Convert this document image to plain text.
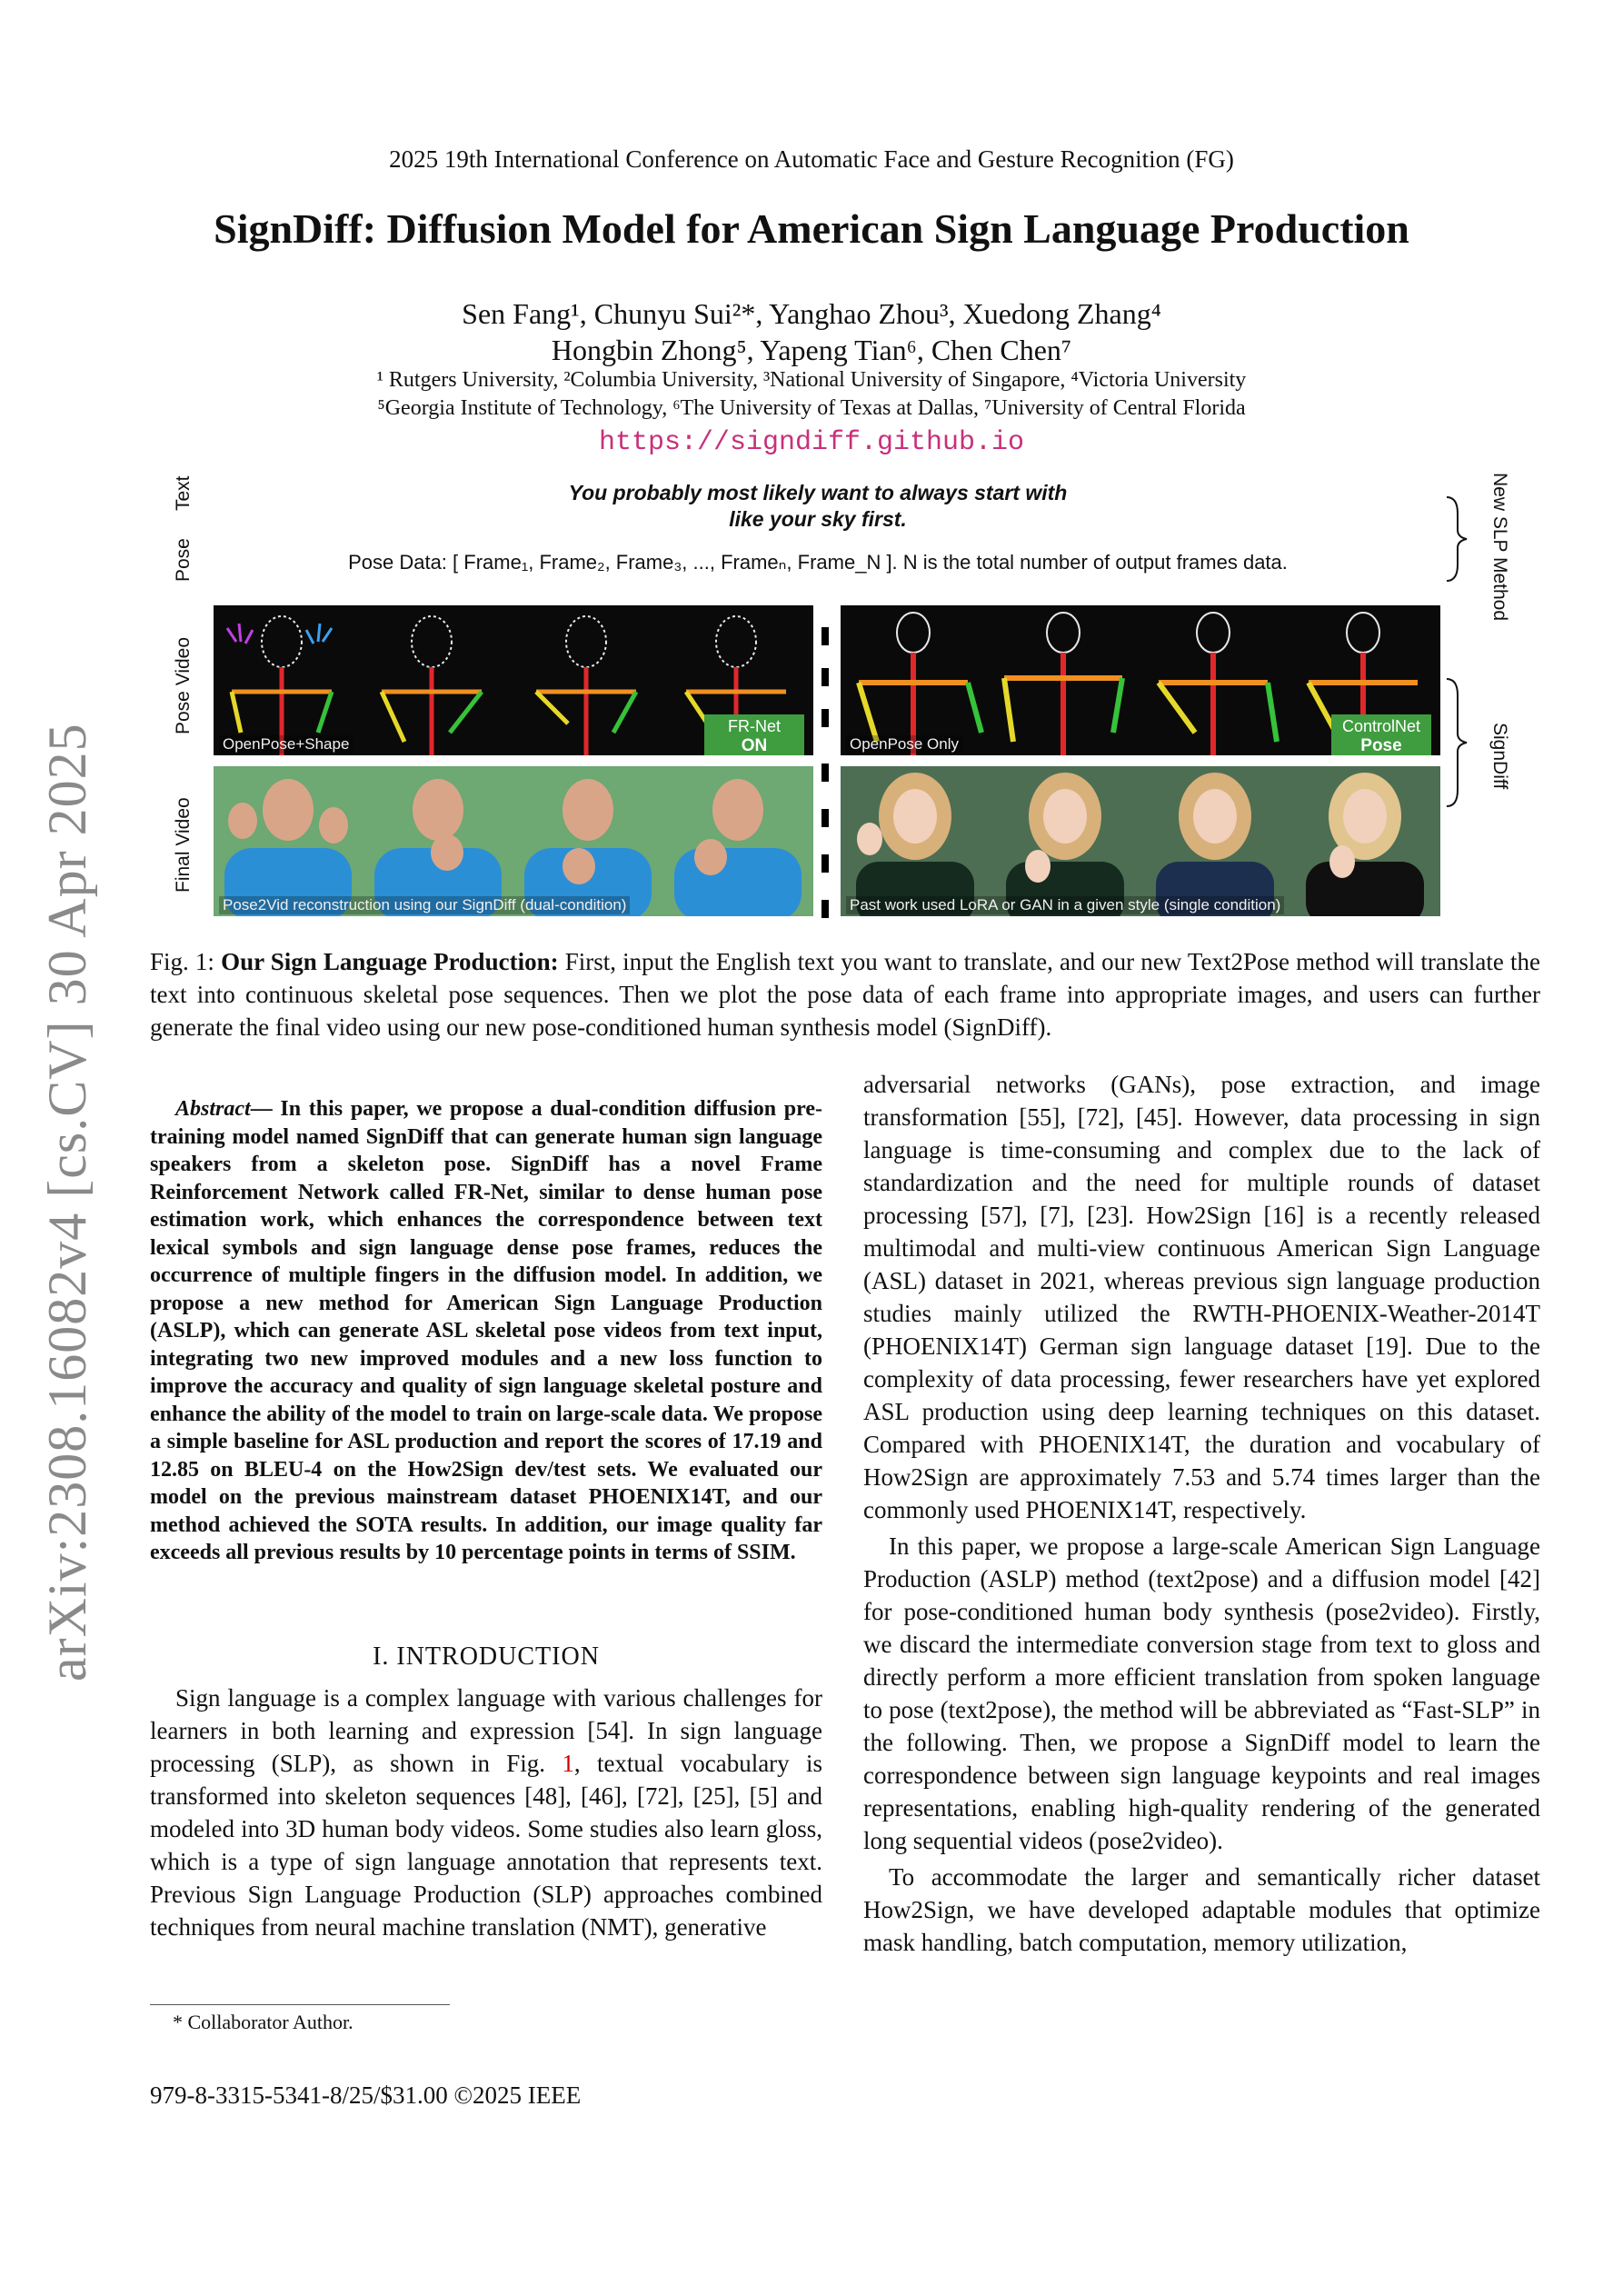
2025 19th International Conference on Automatic Face and Gesture Recognition (FG)
SignDiff: Diffusion Model for American Sign Language Production
Sen Fang¹, Chunyu Sui²*, Yanghao Zhou³, Xuedong Zhang⁴
Hongbin Zhong⁵, Yapeng Tian⁶, Chen Chen⁷
¹ Rutgers University, ²Columbia University, ³National University of Singapore, ⁴Victoria University
⁵Georgia Institute of Technology, ⁶The University of Texas at Dallas, ⁷University of Central Florida
https://signdiff.github.io
arXiv:2308.16082v4 [cs.CV] 30 Apr 2025
Text
Pose
Pose Video
Final Video
You probably most likely want to always start with
like your sky first.
Pose Data: [ Frame₁, Frame₂, Frame₃, ..., Frameₙ, Frame_N ]. N is the total number of output frames data.	New SLP Method
SignDiff
OpenPose+Shape
FR-Net
ON	OpenPose Only
ControlNet
Pose
Pose2Vid reconstruction using our SignDiff (dual-condition)	Past work used LoRA or GAN in a given style (single condition)
Fig. 1: Our Sign Language Production: First, input the English text you want to translate, and our new Text2Pose method will translate the text into continuous skeletal pose sequences. Then we plot the pose data of each frame into appropriate images, and users can further generate the final video using our new pose-conditioned human synthesis model (SignDiff).
Abstract— In this paper, we propose a dual-condition diffusion pre-training model named SignDiff that can generate human sign language speakers from a skeleton pose. SignDiff has a novel Frame Reinforcement Network called FR-Net, similar to dense human pose estimation work, which enhances the correspondence between text lexical symbols and sign language dense pose frames, reduces the occurrence of multiple fingers in the diffusion model. In addition, we propose a new method for American Sign Language Production (ASLP), which can generate ASL skeletal pose videos from text input, integrating two new improved modules and a new loss function to improve the accuracy and quality of sign language skeletal posture and enhance the ability of the model to train on large-scale data. We propose a simple baseline for ASL production and report the scores of 17.19 and 12.85 on BLEU-4 on the How2Sign dev/test sets. We evaluated our model on the previous mainstream dataset PHOENIX14T, and our method achieved the SOTA results. In addition, our image quality far exceeds all previous results by 10 percentage points in terms of SSIM.
I. INTRODUCTION

Sign language is a complex language with various challenges for learners in both learning and expression [54]. In sign language processing (SLP), as shown in Fig. 1, textual vocabulary is transformed into skeleton sequences [48], [46], [72], [25], [5] and modeled into 3D human body videos. Some studies also learn gloss, which is a type of sign language annotation that represents text. Previous Sign Language Production (SLP) approaches combined techniques from neural machine translation (NMT), generative

adversarial networks (GANs), pose extraction, and image transformation [55], [72], [45]. However, data processing in sign language is time-consuming and complex due to the lack of standardization and the need for multiple rounds of dataset processing [57], [7], [23]. How2Sign [16] is a recently released multimodal and multi-view continuous American Sign Language (ASL) dataset in 2021, whereas previous sign language production studies mainly utilized the RWTH-PHOENIX-Weather-2014T (PHOENIX14T) German sign language dataset [19]. Due to the complexity of data processing, fewer researchers have yet explored ASL production using deep learning techniques on this dataset. Compared with PHOENIX14T, the duration and vocabulary of How2Sign are approximately 7.53 and 5.74 times larger than the commonly used PHOENIX14T, respectively.

In this paper, we propose a large-scale American Sign Language Production (ASLP) method (text2pose) and a diffusion model [42] for pose-conditioned human body synthesis (pose2video). Firstly, we discard the intermediate conversion stage from text to gloss and directly perform a more efficient translation from spoken language to pose (text2pose), the method will be abbreviated as “Fast-SLP” in the following. Then, we propose a SignDiff model to learn the correspondence between sign language keypoints and real images representations, enabling high-quality rendering of the generated long sequential videos (pose2video).

To accommodate the larger and semantically richer dataset How2Sign, we have developed adaptable modules that optimize mask handling, batch computation, memory utilization,

* Collaborator Author.
979-8-3315-5341-8/25/$31.00 ©2025 IEEE
